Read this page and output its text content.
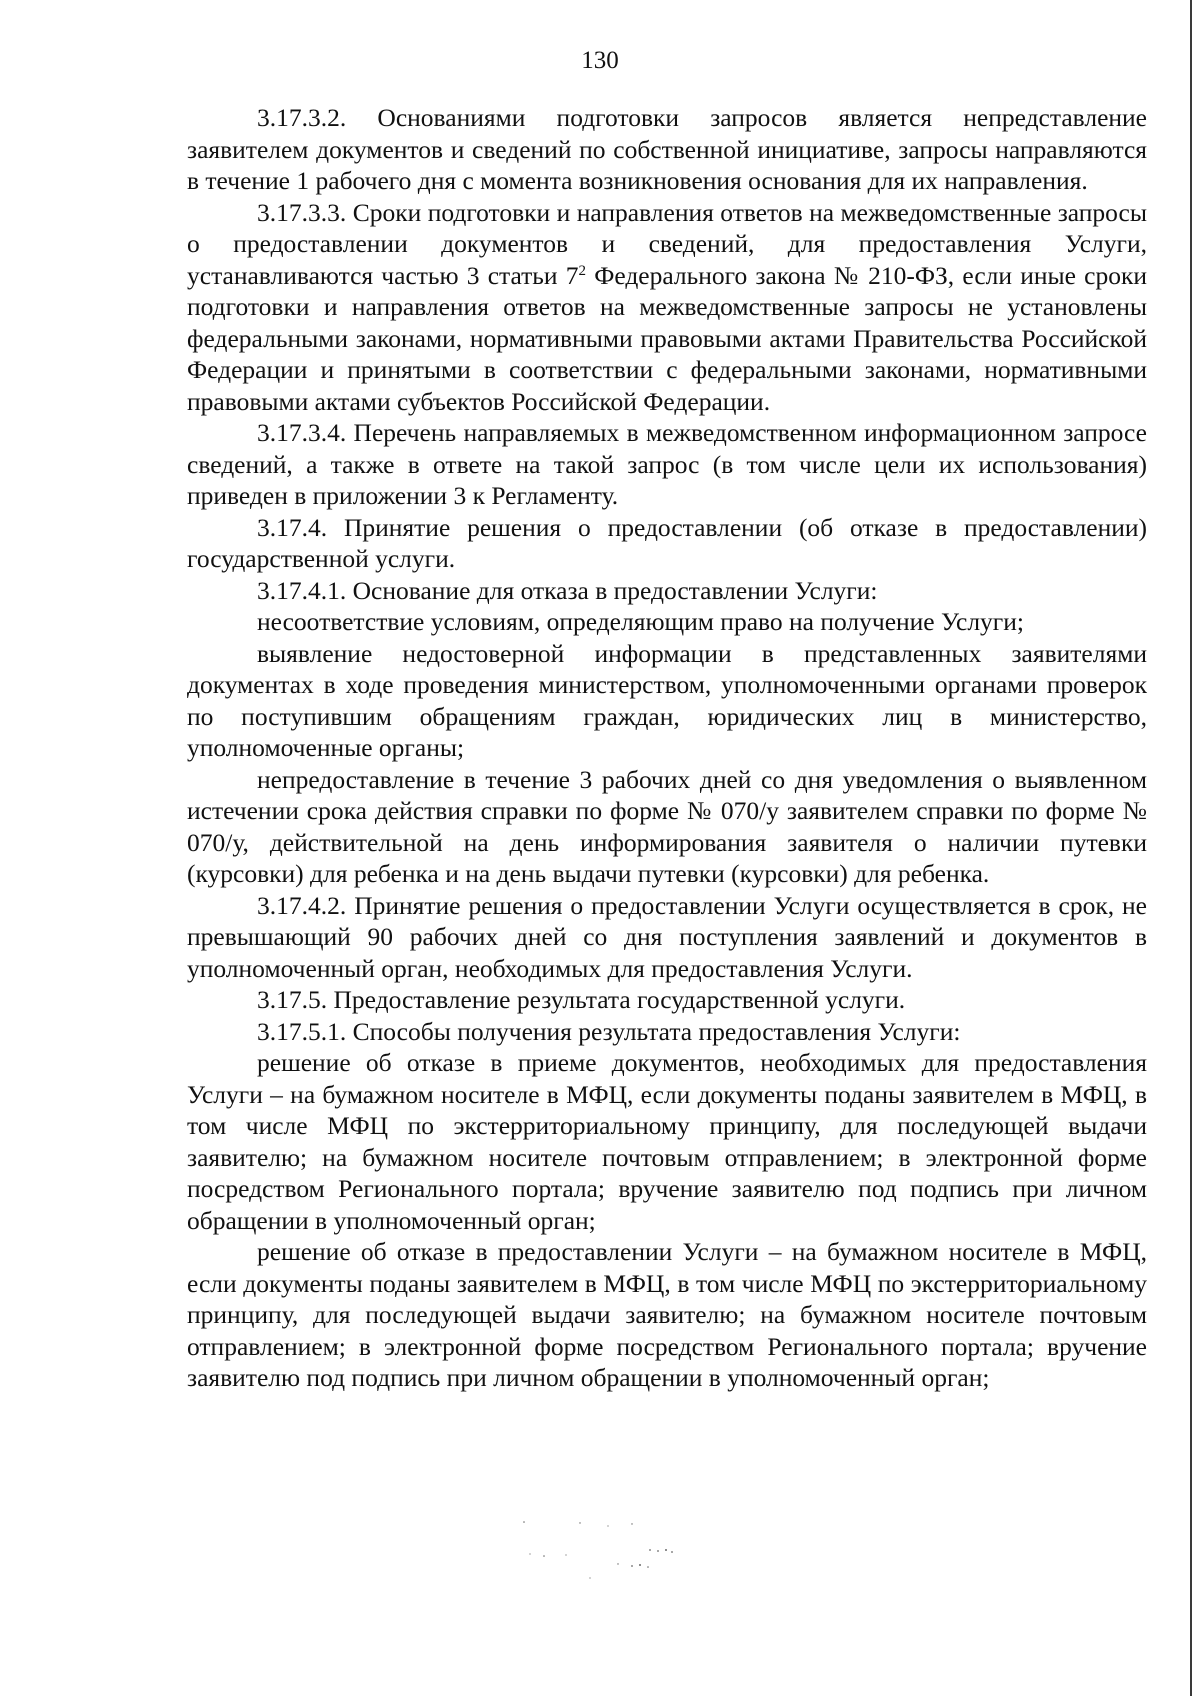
130

3.17.3.2. Основаниями подготовки запросов является непредставление заявителем документов и сведений по собственной инициативе, запросы направляются в течение 1 рабочего дня с момента возникновения основания для их направления.

3.17.3.3. Сроки подготовки и направления ответов на межведомственные запросы о предоставлении документов и сведений, для предоставления Услуги, устанавливаются частью 3 статьи $7^2$ Федерального закона № 210-ФЗ, если иные сроки подготовки и направления ответов на межведомственные запросы не установлены федеральными законами, нормативными правовыми актами Правительства Российской Федерации и принятыми в соответствии с федеральными законами, нормативными правовыми актами субъектов Российской Федерации.

3.17.3.4. Перечень направляемых в межведомственном информационном запросе сведений, а также в ответе на такой запрос (в том числе цели их использования) приведен в приложении 3 к Регламенту.

3.17.4. Принятие решения о предоставлении (об отказе в предоставлении) государственной услуги.

3.17.4.1. Основание для отказа в предоставлении Услуги:

несоответствие условиям, определяющим право на получение Услуги;

выявление недостоверной информации в представленных заявителями документах в ходе проведения министерством, уполномоченными органами проверок по поступившим обращениям граждан, юридических лиц в министерство, уполномоченные органы;

непредоставление в течение 3 рабочих дней со дня уведомления о выявленном истечении срока действия справки по форме № 070/у заявителем справки по форме № 070/у, действительной на день информирования заявителя о наличии путевки (курсовки) для ребенка и на день выдачи путевки (курсовки) для ребенка.

3.17.4.2. Принятие решения о предоставлении Услуги осуществляется в срок, не превышающий 90 рабочих дней со дня поступления заявлений и документов в уполномоченный орган, необходимых для предоставления Услуги.

3.17.5. Предоставление результата государственной услуги.

3.17.5.1. Способы получения результата предоставления Услуги:

решение об отказе в приеме документов, необходимых для предоставления Услуги – на бумажном носителе в МФЦ, если документы поданы заявителем в МФЦ, в том числе МФЦ по экстерриториальному принципу, для последующей выдачи заявителю; на бумажном носителе почтовым отправлением; в электронной форме посредством Регионального портала; вручение заявителю под подпись при личном обращении в уполномоченный орган;

решение об отказе в предоставлении Услуги – на бумажном носителе в МФЦ, если документы поданы заявителем в МФЦ, в том числе МФЦ по экстерриториальному принципу, для последующей выдачи заявителю; на бумажном носителе почтовым отправлением; в электронной форме посредством Регионального портала; вручение заявителю под подпись при личном обращении в уполномоченный орган;
